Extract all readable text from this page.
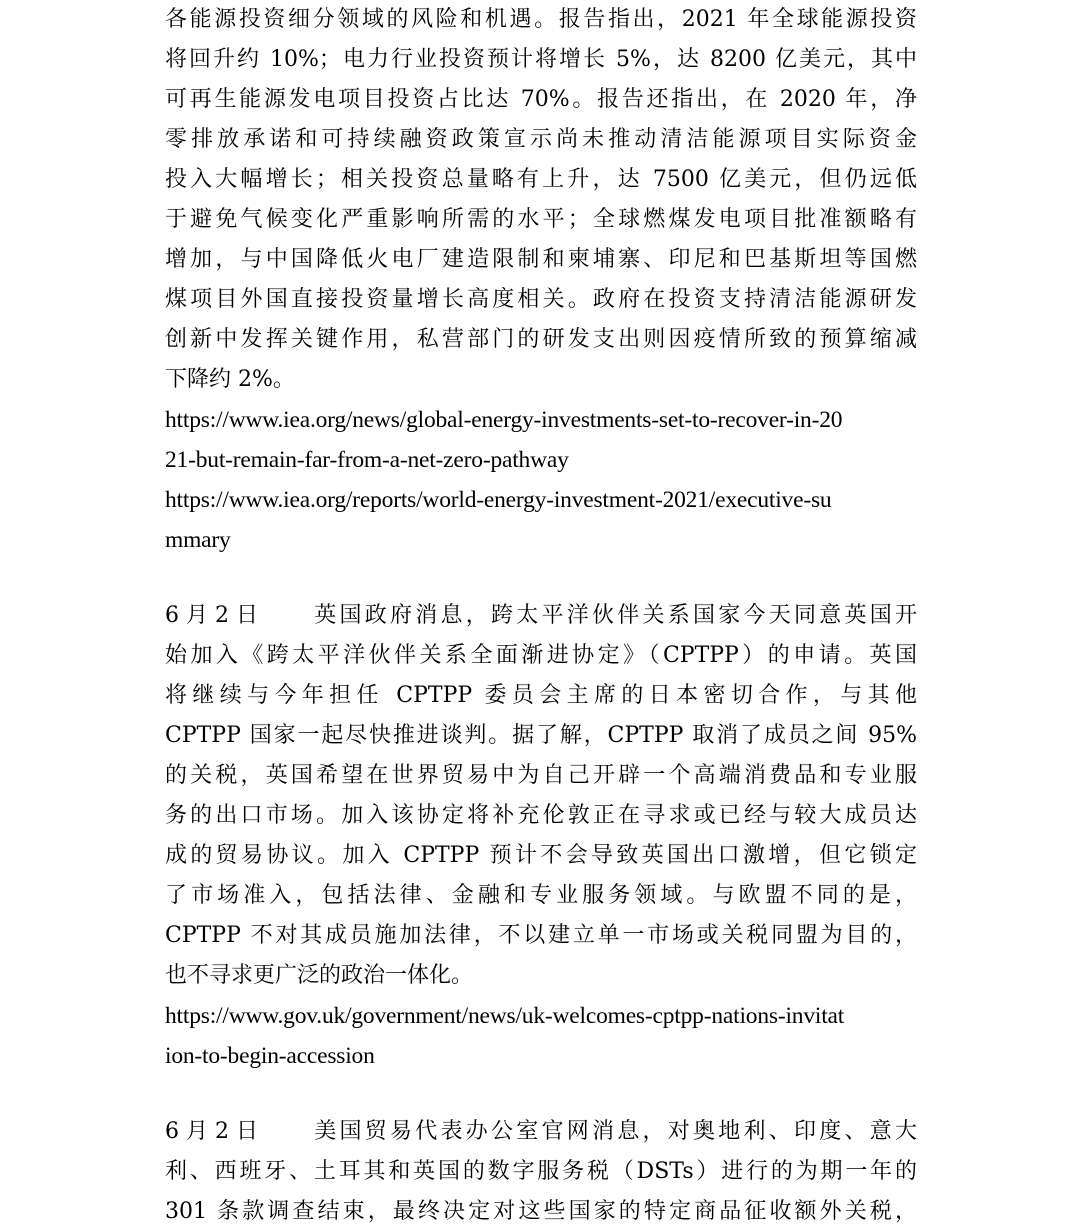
各能源投资细分领域的风险和机遇。报告指出，2021 年全球能源投资
将回升约 10%；电力行业投资预计将增长 5%，达 8200 亿美元，其中
可再生能源发电项目投资占比达 70%。报告还指出，在 2020 年，净
零排放承诺和可持续融资政策宣示尚未推动清洁能源项目实际资金
投入大幅增长；相关投资总量略有上升，达 7500 亿美元，但仍远低
于避免气候变化严重影响所需的水平；全球燃煤发电项目批准额略有
增加，与中国降低火电厂建造限制和柬埔寨、印尼和巴基斯坦等国燃
煤项目外国直接投资量增长高度相关。政府在投资支持清洁能源研发
创新中发挥关键作用，私营部门的研发支出则因疫情所致的预算缩减
下降约 2%。
https://www.iea.org/news/global-energy-investments-set-to-recover-in-20
21-but-remain-far-from-a-net-zero-pathway
https://www.iea.org/reports/world-energy-investment-2021/executive-su
mmary
6 月 2 日 英国政府消息，跨太平洋伙伴关系国家今天同意英国开
始加入《跨太平洋伙伴关系全面渐进协定》（CPTPP）的申请。英国
将继续与今年担任 CPTPP 委员会主席的日本密切合作，与其他
CPTPP 国家一起尽快推进谈判。据了解，CPTPP 取消了成员之间 95%
的关税，英国希望在世界贸易中为自己开辟一个高端消费品和专业服
务的出口市场。加入该协定将补充伦敦正在寻求或已经与较大成员达
成的贸易协议。加入 CPTPP 预计不会导致英国出口激增，但它锁定
了市场准入，包括法律、金融和专业服务领域。与欧盟不同的是，
CPTPP 不对其成员施加法律，不以建立单一市场或关税同盟为目的，
也不寻求更广泛的政治一体化。
https://www.gov.uk/government/news/uk-welcomes-cptpp-nations-invitat
ion-to-begin-accession
6 月 2 日 美国贸易代表办公室官网消息，对奥地利、印度、意大
利、西班牙、土耳其和英国的数字服务税（DSTs）进行的为期一年的
301 条款调查结束，最终决定对这些国家的特定商品征收额外关税，
